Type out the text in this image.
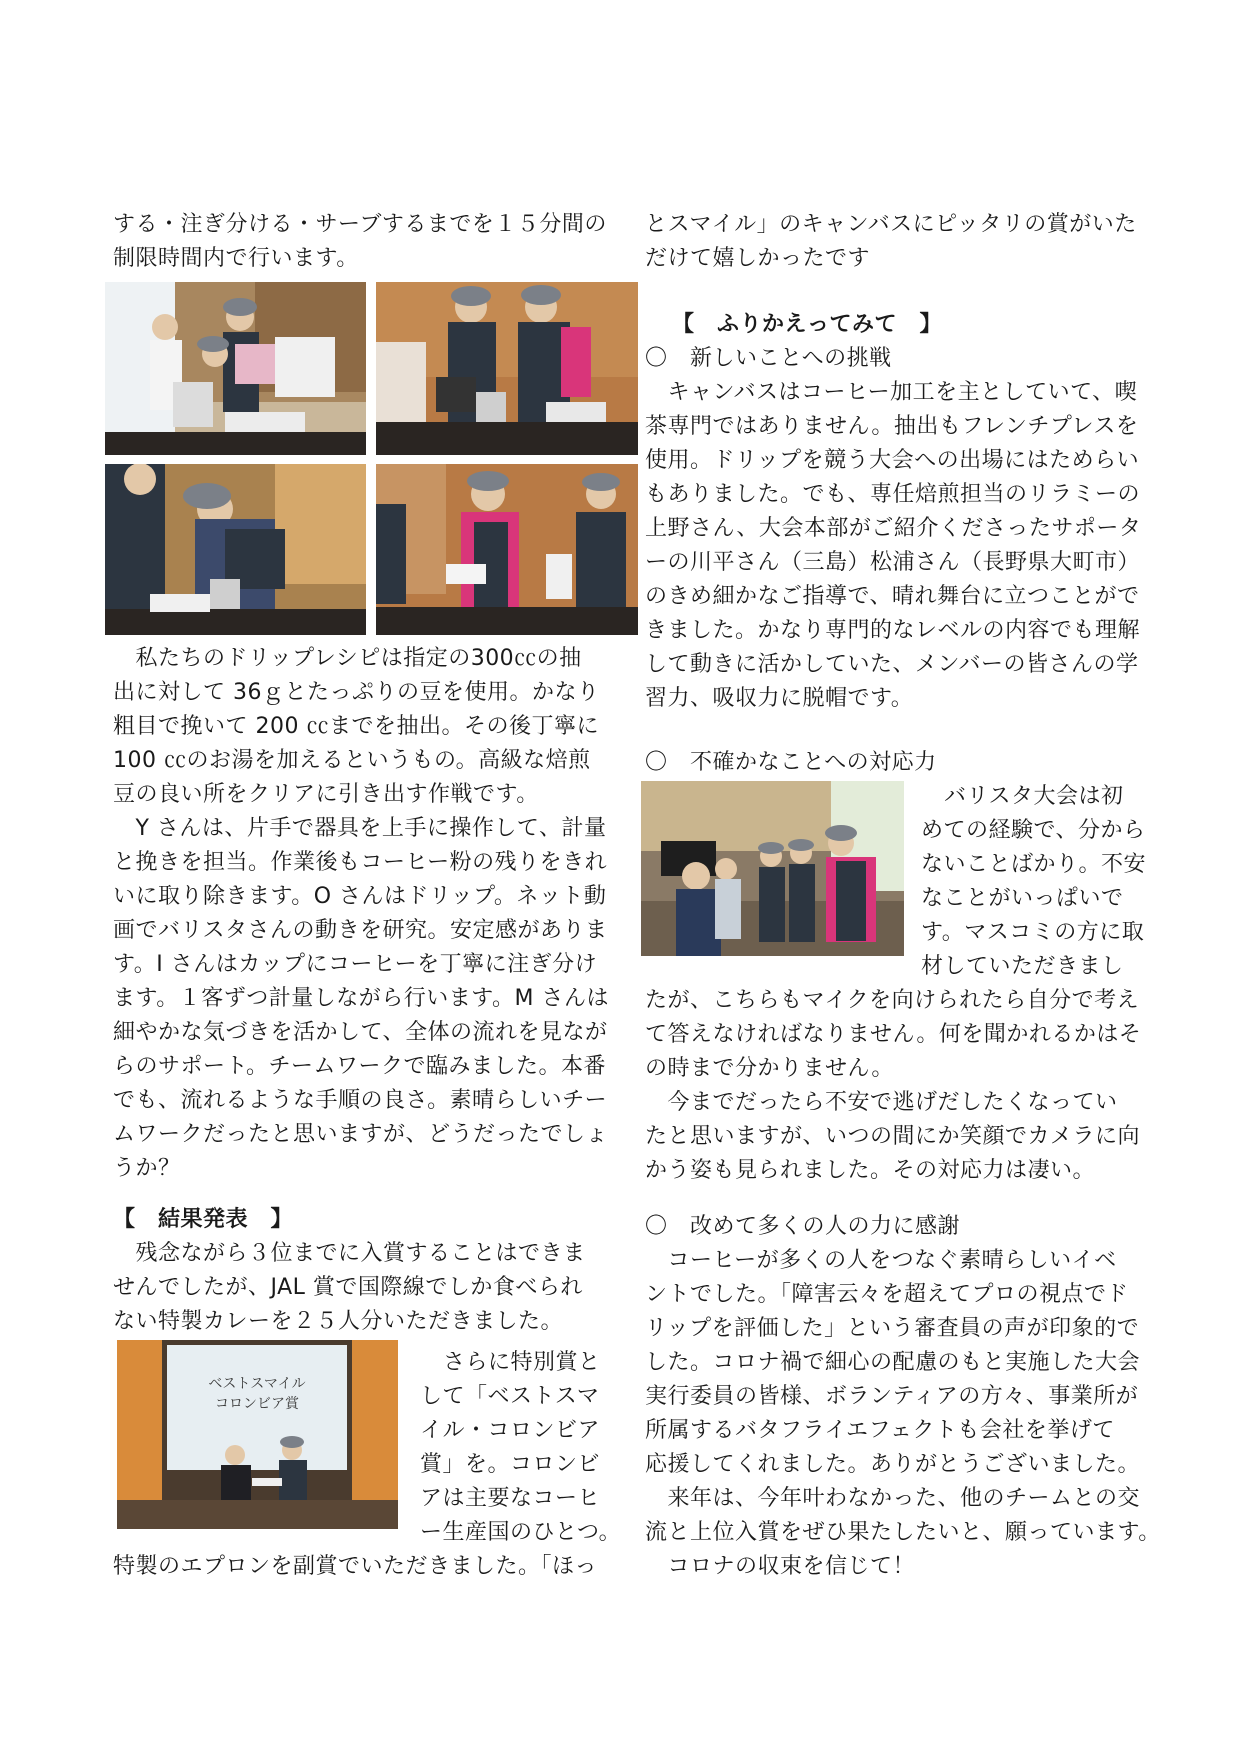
する・注ぎ分ける・サーブするまでを１５分間の
制限時間内で行います。
　私たちのドリップレシピは指定の300㏄の抽
出に対して 36ｇとたっぷりの豆を使用。かなり
粗目で挽いて 200 ㏄までを抽出。その後丁寧に
100 ㏄のお湯を加えるというもの。高級な焙煎
豆の良い所をクリアに引き出す作戦です。
　Y さんは、片手で器具を上手に操作して、計量
と挽きを担当。作業後もコーヒー粉の残りをきれ
いに取り除きます。O さんはドリップ。ネット動
画でバリスタさんの動きを研究。安定感がありま
す。I さんはカップにコーヒーを丁寧に注ぎ分け
ます。１客ずつ計量しながら行います。M さんは
細やかな気づきを活かして、全体の流れを見なが
らのサポート。チームワークで臨みました。本番
でも、流れるような手順の良さ。素晴らしいチー
ムワークだったと思いますが、どうだったでしょ
うか？
【　結果発表　】
　残念ながら３位までに入賞することはできま
せんでしたが、JAL 賞で国際線でしか食べられ
ない特製カレーを２５人分いただきました。
ベストスマイル
コロンビア賞
さらに特別賞と
して「ベストスマ
イル・コロンビア
賞」を。コロンビ
アは主要なコーヒ
ー生産国のひとつ。
特製のエプロンを副賞でいただきました。「ほっ
とスマイル」のキャンバスにピッタリの賞がいた
だけて嬉しかったです
【　ふりかえってみて　】
〇　新しいことへの挑戦
　キャンバスはコーヒー加工を主としていて、喫
茶専門ではありません。抽出もフレンチプレスを
使用。ドリップを競う大会への出場にはためらい
もありました。でも、専任焙煎担当のリラミーの
上野さん、大会本部がご紹介くださったサポータ
ーの川平さん（三島）松浦さん（長野県大町市）
のきめ細かなご指導で、晴れ舞台に立つことがで
きました。かなり専門的なレベルの内容でも理解
して動きに活かしていた、メンバーの皆さんの学
習力、吸収力に脱帽です。
〇　不確かなことへの対応力
バリスタ大会は初
めての経験で、分から
ないことばかり。不安
なことがいっぱいで
す。マスコミの方に取
材していただきまし
たが、こちらもマイクを向けられたら自分で考え
て答えなければなりません。何を聞かれるかはそ
の時まで分かりません。
　今までだったら不安で逃げだしたくなってい
たと思いますが、いつの間にか笑顔でカメラに向
かう姿も見られました。その対応力は凄い。
〇　改めて多くの人の力に感謝
　コーヒーが多くの人をつなぐ素晴らしいイベ
ントでした。「障害云々を超えてプロの視点でド
リップを評価した」という審査員の声が印象的で
した。コロナ禍で細心の配慮のもと実施した大会
実行委員の皆様、ボランティアの方々、事業所が
所属するバタフライエフェクトも会社を挙げて
応援してくれました。ありがとうございました。
　来年は、今年叶わなかった、他のチームとの交
流と上位入賞をぜひ果たしたいと、願っています。
　コロナの収束を信じて！
